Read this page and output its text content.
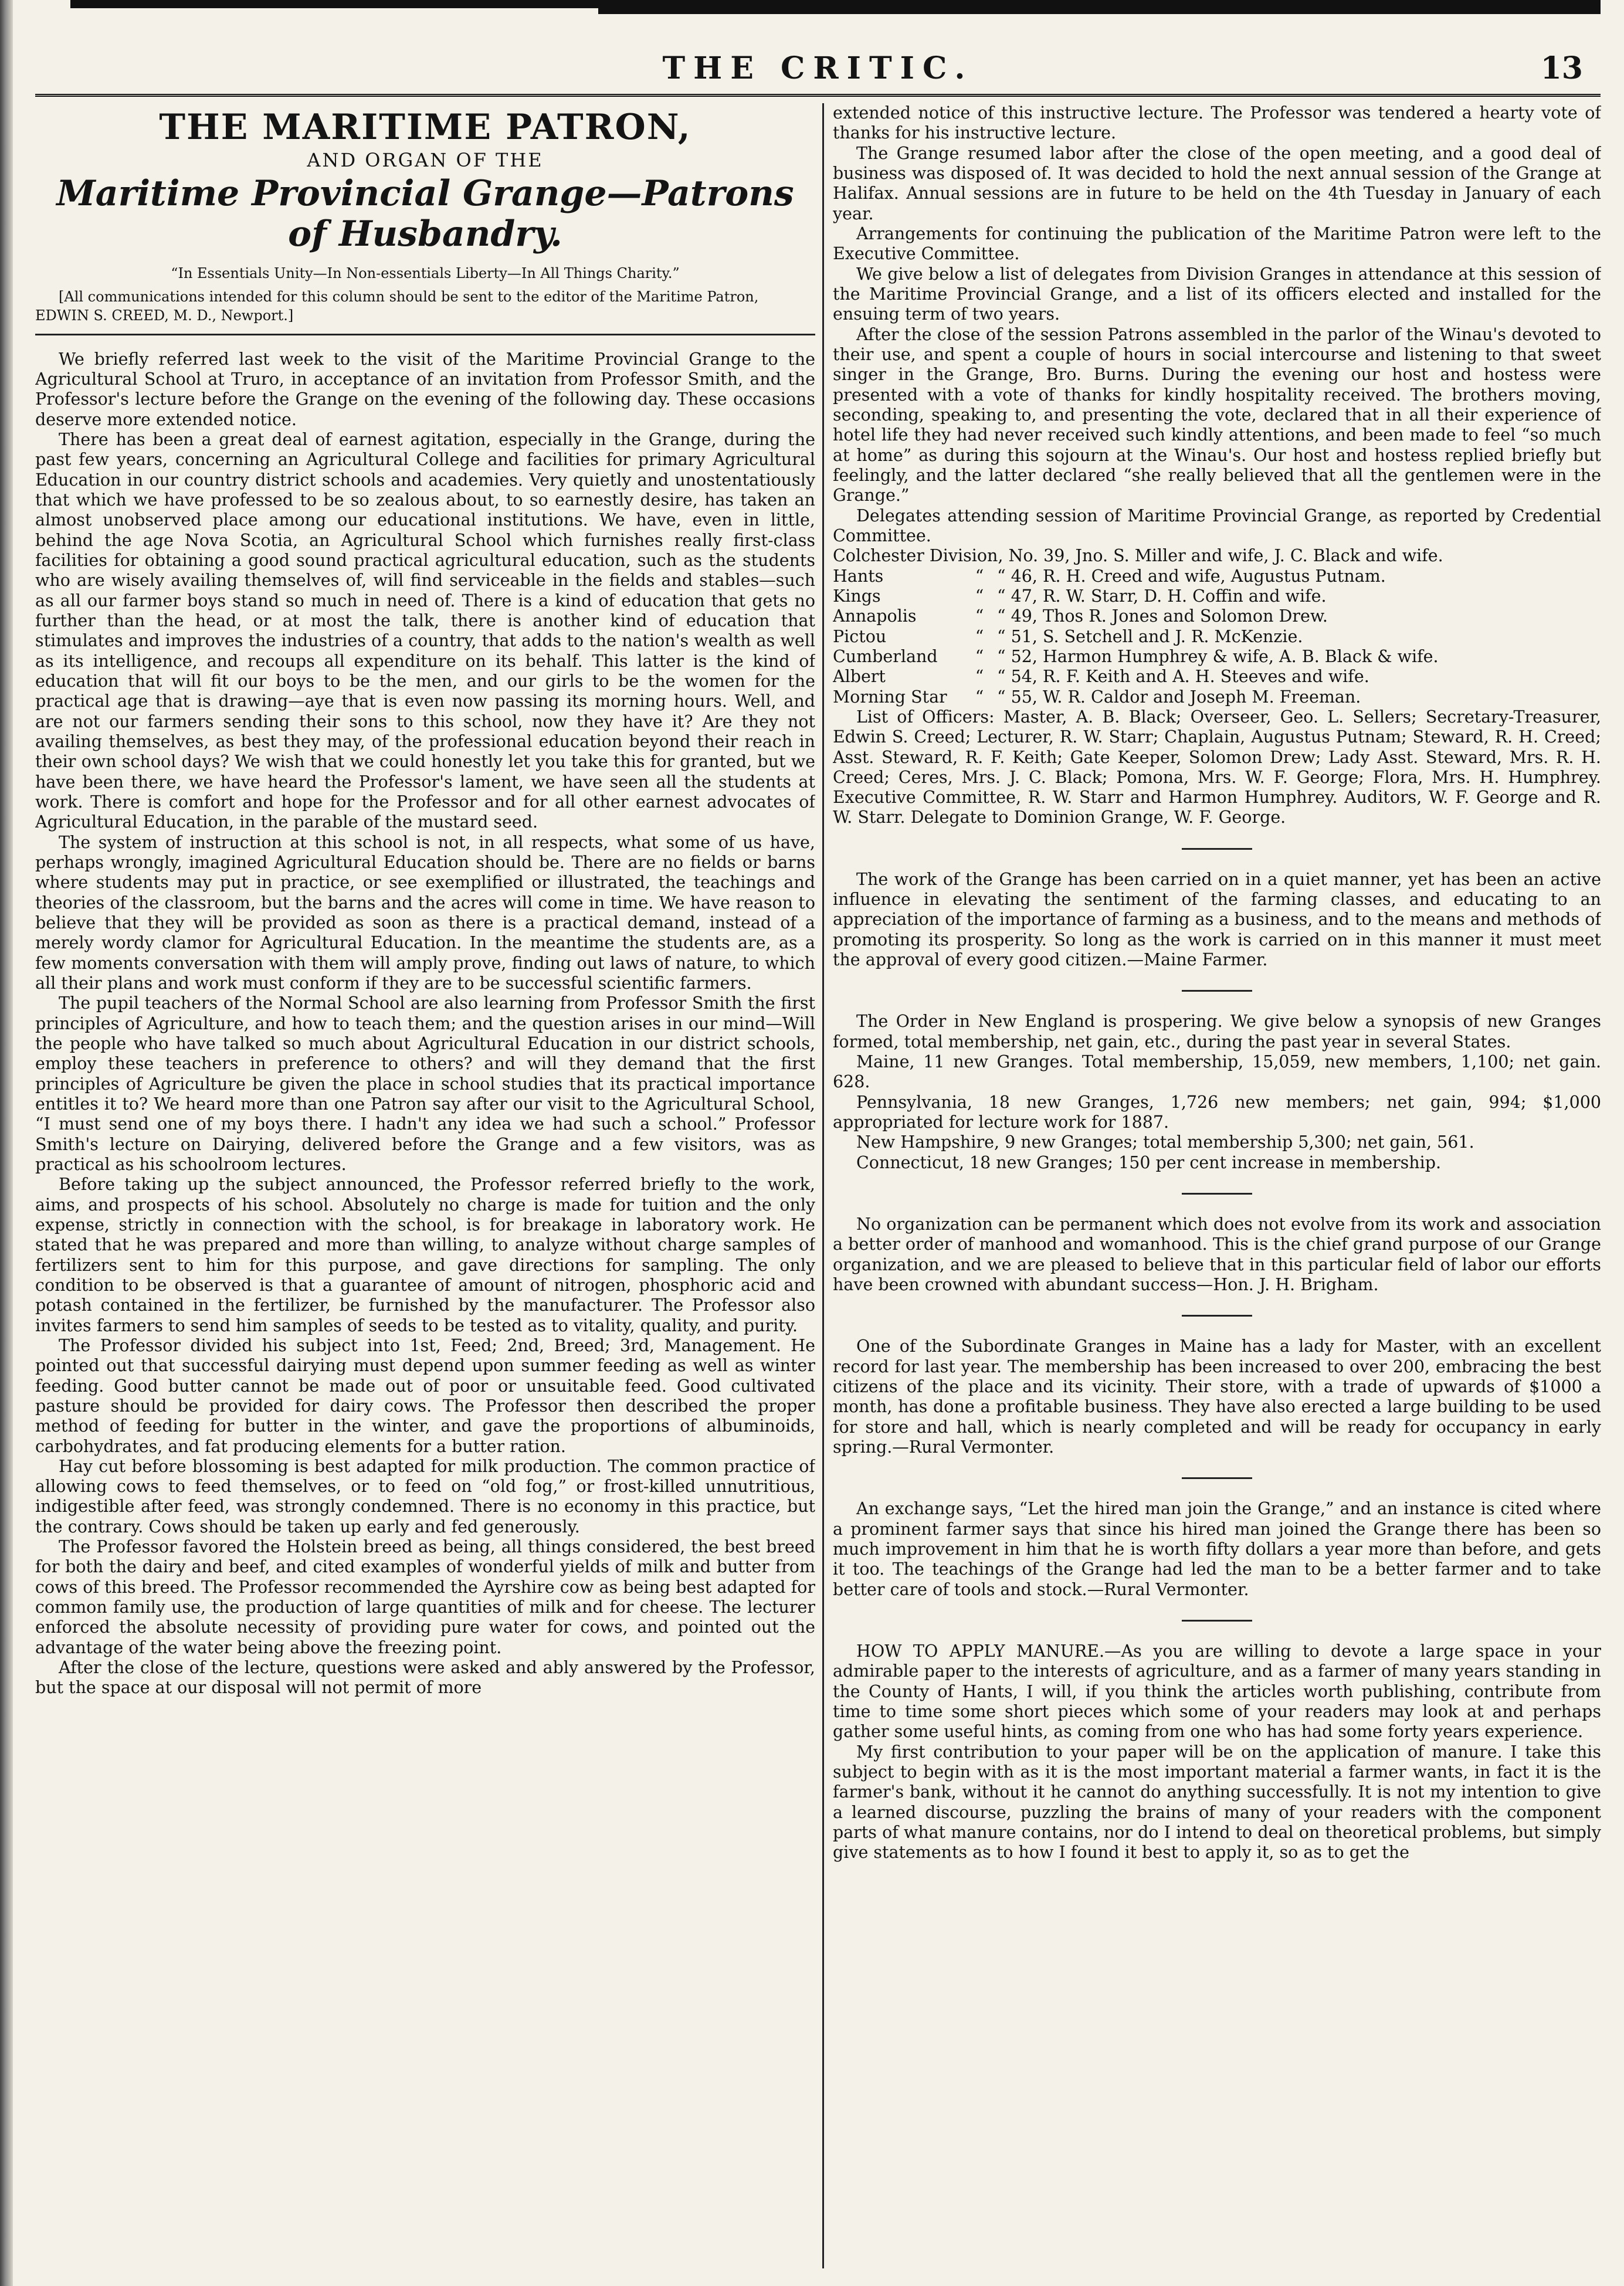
THE CRITIC.	13
THE MARITIME PATRON,
AND ORGAN OF THE
Maritime Provincial Grange—Patrons of Husbandry.
“In Essentials Unity—In Non-essentials Liberty—In All Things Charity.”
[All communications intended for this column should be sent to the editor of the Maritime Patron, EDWIN S. CREED, M. D., Newport.]

We briefly referred last week to the visit of the Maritime Provincial Grange to the Agricultural School at Truro, in acceptance of an invitation from Professor Smith, and the Professor's lecture before the Grange on the evening of the following day. These occasions deserve more extended notice.

There has been a great deal of earnest agitation, especially in the Grange, during the past few years, concerning an Agricultural College and facilities for primary Agricultural Education in our country district schools and academies. Very quietly and unostentatiously that which we have professed to be so zealous about, to so earnestly desire, has taken an almost unobserved place among our educational institutions. We have, even in little, behind the age Nova Scotia, an Agricultural School which furnishes really first-class facilities for obtaining a good sound practical agricultural education, such as the students who are wisely availing themselves of, will find serviceable in the fields and stables—such as all our farmer boys stand so much in need of. There is a kind of education that gets no further than the head, or at most the talk, there is another kind of education that stimulates and improves the industries of a country, that adds to the nation's wealth as well as its intelligence, and recoups all expenditure on its behalf. This latter is the kind of education that will fit our boys to be the men, and our girls to be the women for the practical age that is drawing—aye that is even now passing its morning hours. Well, and are not our farmers sending their sons to this school, now they have it? Are they not availing themselves, as best they may, of the professional education beyond their reach in their own school days? We wish that we could honestly let you take this for granted, but we have been there, we have heard the Professor's lament, we have seen all the students at work. There is comfort and hope for the Professor and for all other earnest advocates of Agricultural Education, in the parable of the mustard seed.

The system of instruction at this school is not, in all respects, what some of us have, perhaps wrongly, imagined Agricultural Education should be. There are no fields or barns where students may put in practice, or see exemplified or illustrated, the teachings and theories of the classroom, but the barns and the acres will come in time. We have reason to believe that they will be provided as soon as there is a practical demand, instead of a merely wordy clamor for Agricultural Education. In the meantime the students are, as a few moments conversation with them will amply prove, finding out laws of nature, to which all their plans and work must conform if they are to be successful scientific farmers.

The pupil teachers of the Normal School are also learning from Professor Smith the first principles of Agriculture, and how to teach them; and the question arises in our mind—Will the people who have talked so much about Agricultural Education in our district schools, employ these teachers in preference to others? and will they demand that the first principles of Agriculture be given the place in school studies that its practical importance entitles it to? We heard more than one Patron say after our visit to the Agricultural School, “I must send one of my boys there. I hadn't any idea we had such a school.” Professor Smith's lecture on Dairying, delivered before the Grange and a few visitors, was as practical as his schoolroom lectures.

Before taking up the subject announced, the Professor referred briefly to the work, aims, and prospects of his school. Absolutely no charge is made for tuition and the only expense, strictly in connection with the school, is for breakage in laboratory work. He stated that he was prepared and more than willing, to analyze without charge samples of fertilizers sent to him for this purpose, and gave directions for sampling. The only condition to be observed is that a guarantee of amount of nitrogen, phosphoric acid and potash contained in the fertilizer, be furnished by the manufacturer. The Professor also invites farmers to send him samples of seeds to be tested as to vitality, quality, and purity.

The Professor divided his subject into 1st, Feed; 2nd, Breed; 3rd, Management. He pointed out that successful dairying must depend upon summer feeding as well as winter feeding. Good butter cannot be made out of poor or unsuitable feed. Good cultivated pasture should be provided for dairy cows. The Professor then described the proper method of feeding for butter in the winter, and gave the proportions of albuminoids, carbohydrates, and fat producing elements for a butter ration.

Hay cut before blossoming is best adapted for milk production. The common practice of allowing cows to feed themselves, or to feed on “old fog,” or frost-killed unnutritious, indigestible after feed, was strongly condemned. There is no economy in this practice, but the contrary. Cows should be taken up early and fed generously.

The Professor favored the Holstein breed as being, all things considered, the best breed for both the dairy and beef, and cited examples of wonderful yields of milk and butter from cows of this breed. The Professor recommended the Ayrshire cow as being best adapted for common family use, the production of large quantities of milk and for cheese. The lecturer enforced the absolute necessity of providing pure water for cows, and pointed out the advantage of the water being above the freezing point.

After the close of the lecture, questions were asked and ably answered by the Professor, but the space at our disposal will not permit of more

extended notice of this instructive lecture. The Professor was tendered a hearty vote of thanks for his instructive lecture.

The Grange resumed labor after the close of the open meeting, and a good deal of business was disposed of. It was decided to hold the next annual session of the Grange at Halifax. Annual sessions are in future to be held on the 4th Tuesday in January of each year.

Arrangements for continuing the publication of the Maritime Patron were left to the Executive Committee.

We give below a list of delegates from Division Granges in attendance at this session of the Maritime Provincial Grange, and a list of its officers elected and installed for the ensuing term of two years.

After the close of the session Patrons assembled in the parlor of the Winau's devoted to their use, and spent a couple of hours in social intercourse and listening to that sweet singer in the Grange, Bro. Burns. During the evening our host and hostess were presented with a vote of thanks for kindly hospitality received. The brothers moving, seconding, speaking to, and presenting the vote, declared that in all their experience of hotel life they had never received such kindly attentions, and been made to feel “so much at home” as during this sojourn at the Winau's. Our host and hostess replied briefly but feelingly, and the latter declared “she really believed that all the gentlemen were in the Grange.”

Delegates attending session of Maritime Provincial Grange, as reported by Credential Committee.

Colchester Division, No. 39, Jno. S. Miller and wife, J. C. Black and wife.		
Hants	“	“ 46, R. H. Creed and wife, Augustus Putnam.
Kings	“	“ 47, R. W. Starr, D. H. Coffin and wife.
Annapolis	“	“ 49, Thos R. Jones and Solomon Drew.
Pictou	“	“ 51, S. Setchell and J. R. McKenzie.
Cumberland	“	“ 52, Harmon Humphrey & wife, A. B. Black & wife.
Albert	“	“ 54, R. F. Keith and A. H. Steeves and wife.
Morning Star	“	“ 55, W. R. Caldor and Joseph M. Freeman.

List of Officers: Master, A. B. Black; Overseer, Geo. L. Sellers; Secretary-Treasurer, Edwin S. Creed; Lecturer, R. W. Starr; Chaplain, Augustus Putnam; Steward, R. H. Creed; Asst. Steward, R. F. Keith; Gate Keeper, Solomon Drew; Lady Asst. Steward, Mrs. R. H. Creed; Ceres, Mrs. J. C. Black; Pomona, Mrs. W. F. George; Flora, Mrs. H. Humphrey. Executive Committee, R. W. Starr and Harmon Humphrey. Auditors, W. F. George and R. W. Starr. Delegate to Dominion Grange, W. F. George.

The work of the Grange has been carried on in a quiet manner, yet has been an active influence in elevating the sentiment of the farming classes, and educating to an appreciation of the importance of farming as a business, and to the means and methods of promoting its prosperity. So long as the work is carried on in this manner it must meet the approval of every good citizen.—Maine Farmer.

The Order in New England is prospering. We give below a synopsis of new Granges formed, total membership, net gain, etc., during the past year in several States.

Maine, 11 new Granges. Total membership, 15,059, new members, 1,100; net gain. 628.

Pennsylvania, 18 new Granges, 1,726 new members; net gain, 994; $1,000 appropriated for lecture work for 1887.

New Hampshire, 9 new Granges; total membership 5,300; net gain, 561.

Connecticut, 18 new Granges; 150 per cent increase in membership.

No organization can be permanent which does not evolve from its work and association a better order of manhood and womanhood. This is the chief grand purpose of our Grange organization, and we are pleased to believe that in this particular field of labor our efforts have been crowned with abundant success—Hon. J. H. Brigham.

One of the Subordinate Granges in Maine has a lady for Master, with an excellent record for last year. The membership has been increased to over 200, embracing the best citizens of the place and its vicinity. Their store, with a trade of upwards of $1000 a month, has done a profitable business. They have also erected a large building to be used for store and hall, which is nearly completed and will be ready for occupancy in early spring.—Rural Vermonter.

An exchange says, “Let the hired man join the Grange,” and an instance is cited where a prominent farmer says that since his hired man joined the Grange there has been so much improvement in him that he is worth fifty dollars a year more than before, and gets it too. The teachings of the Grange had led the man to be a better farmer and to take better care of tools and stock.—Rural Vermonter.

HOW TO APPLY MANURE.—As you are willing to devote a large space in your admirable paper to the interests of agriculture, and as a farmer of many years standing in the County of Hants, I will, if you think the articles worth publishing, contribute from time to time some short pieces which some of your readers may look at and perhaps gather some useful hints, as coming from one who has had some forty years experience.

My first contribution to your paper will be on the application of manure. I take this subject to begin with as it is the most important material a farmer wants, in fact it is the farmer's bank, without it he cannot do anything successfully. It is not my intention to give a learned discourse, puzzling the brains of many of your readers with the component parts of what manure contains, nor do I intend to deal on theoretical problems, but simply give statements as to how I found it best to apply it, so as to get the
